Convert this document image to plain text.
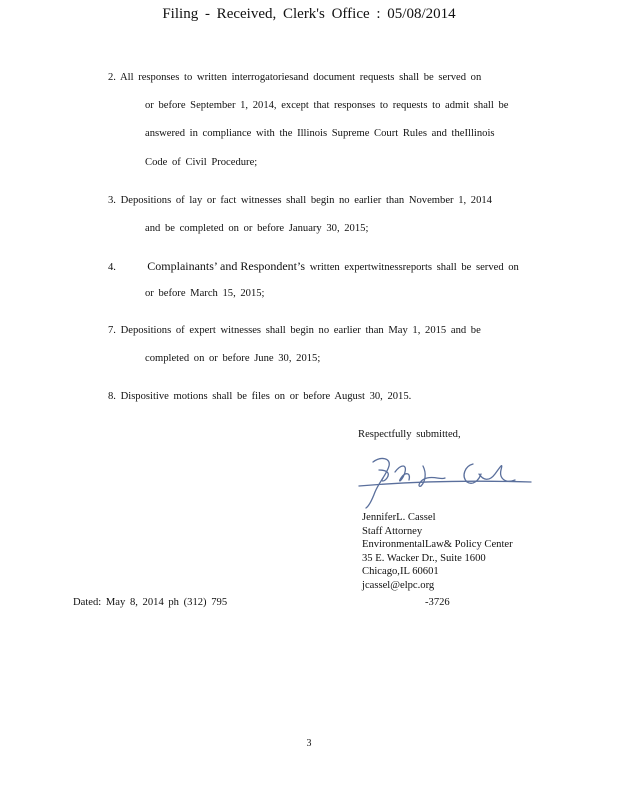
Filing - Received, Clerk's Office : 05/08/2014
2. All responses to written interrogatoriesand document requests shall be served on
or before September 1, 2014, except that responses to requests to admit shall be
answered in compliance with the Illinois Supreme Court Rules and theIllinois
Code of Civil Procedure;
3. Depositions of lay or fact witnesses shall begin no earlier than November 1, 2014
and be completed on or before January 30, 2015;
4.	Complainants’ and Respondent’s written expertwitnessreports shall be served on
or before March 15, 2015;
7. Depositions of expert witnesses shall begin no earlier than May 1, 2015 and be
completed on or before June 30, 2015;
8. Dispositive motions shall be files on or before August 30, 2015.
Respectfully submitted,
JenniferL. Cassel
Staff Attorney
EnvironmentalLaw& Policy Center
35 E. Wacker Dr., Suite 1600
Chicago,IL 60601
jcassel@elpc.org
Dated: May 8, 2014 ph (312) 795	-3726
3
